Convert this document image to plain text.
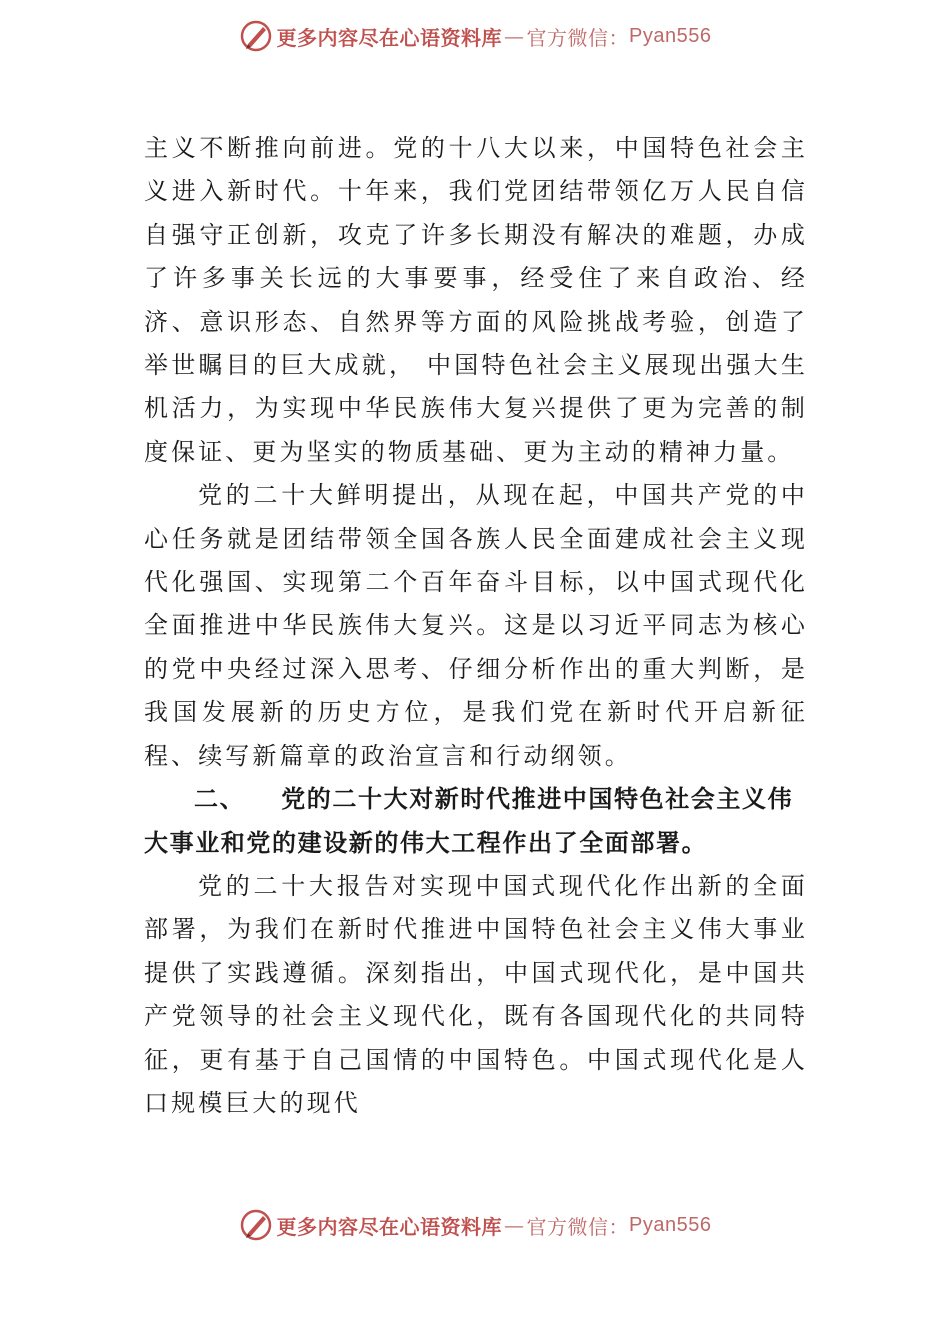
更多内容尽在心语资料库 — 官方微信： Pyan556

主义不断推向前进。党的十八大以来，中国特色社会主义进入新时代。十年来，我们党团结带领亿万人民自信自强守正创新，攻克了许多长期没有解决的难题，办成了许多事关长远的大事要事，经受住了来自政治、经济、意识形态、自然界等方面的风险挑战考验，创造了举世瞩目的巨大成就， 中国特色社会主义展现出强大生机活力，为实现中华民族伟大复兴提供了更为完善的制度保证、更为坚实的物质基础、更为主动的精神力量。

党的二十大鲜明提出，从现在起，中国共产党的中心任务就是团结带领全国各族人民全面建成社会主义现代化强国、实现第二个百年奋斗目标，以中国式现代化全面推进中华民族伟大复兴。这是以习近平同志为核心的党中央经过深入思考、仔细分析作出的重大判断，是我国发展新的历史方位，是我们党在新时代开启新征程、续写新篇章的政治宣言和行动纲领。

二、 党的二十大对新时代推进中国特色社会主义伟大事业和党的建设新的伟大工程作出了全面部署。

党的二十大报告对实现中国式现代化作出新的全面部署，为我们在新时代推进中国特色社会主义伟大事业提供了实践遵循。深刻指出，中国式现代化，是中国共产党领导的社会主义现代化，既有各国现代化的共同特征，更有基于自己国情的中国特色。中国式现代化是人口规模巨大的现代

更多内容尽在心语资料库 — 官方微信： Pyan556
